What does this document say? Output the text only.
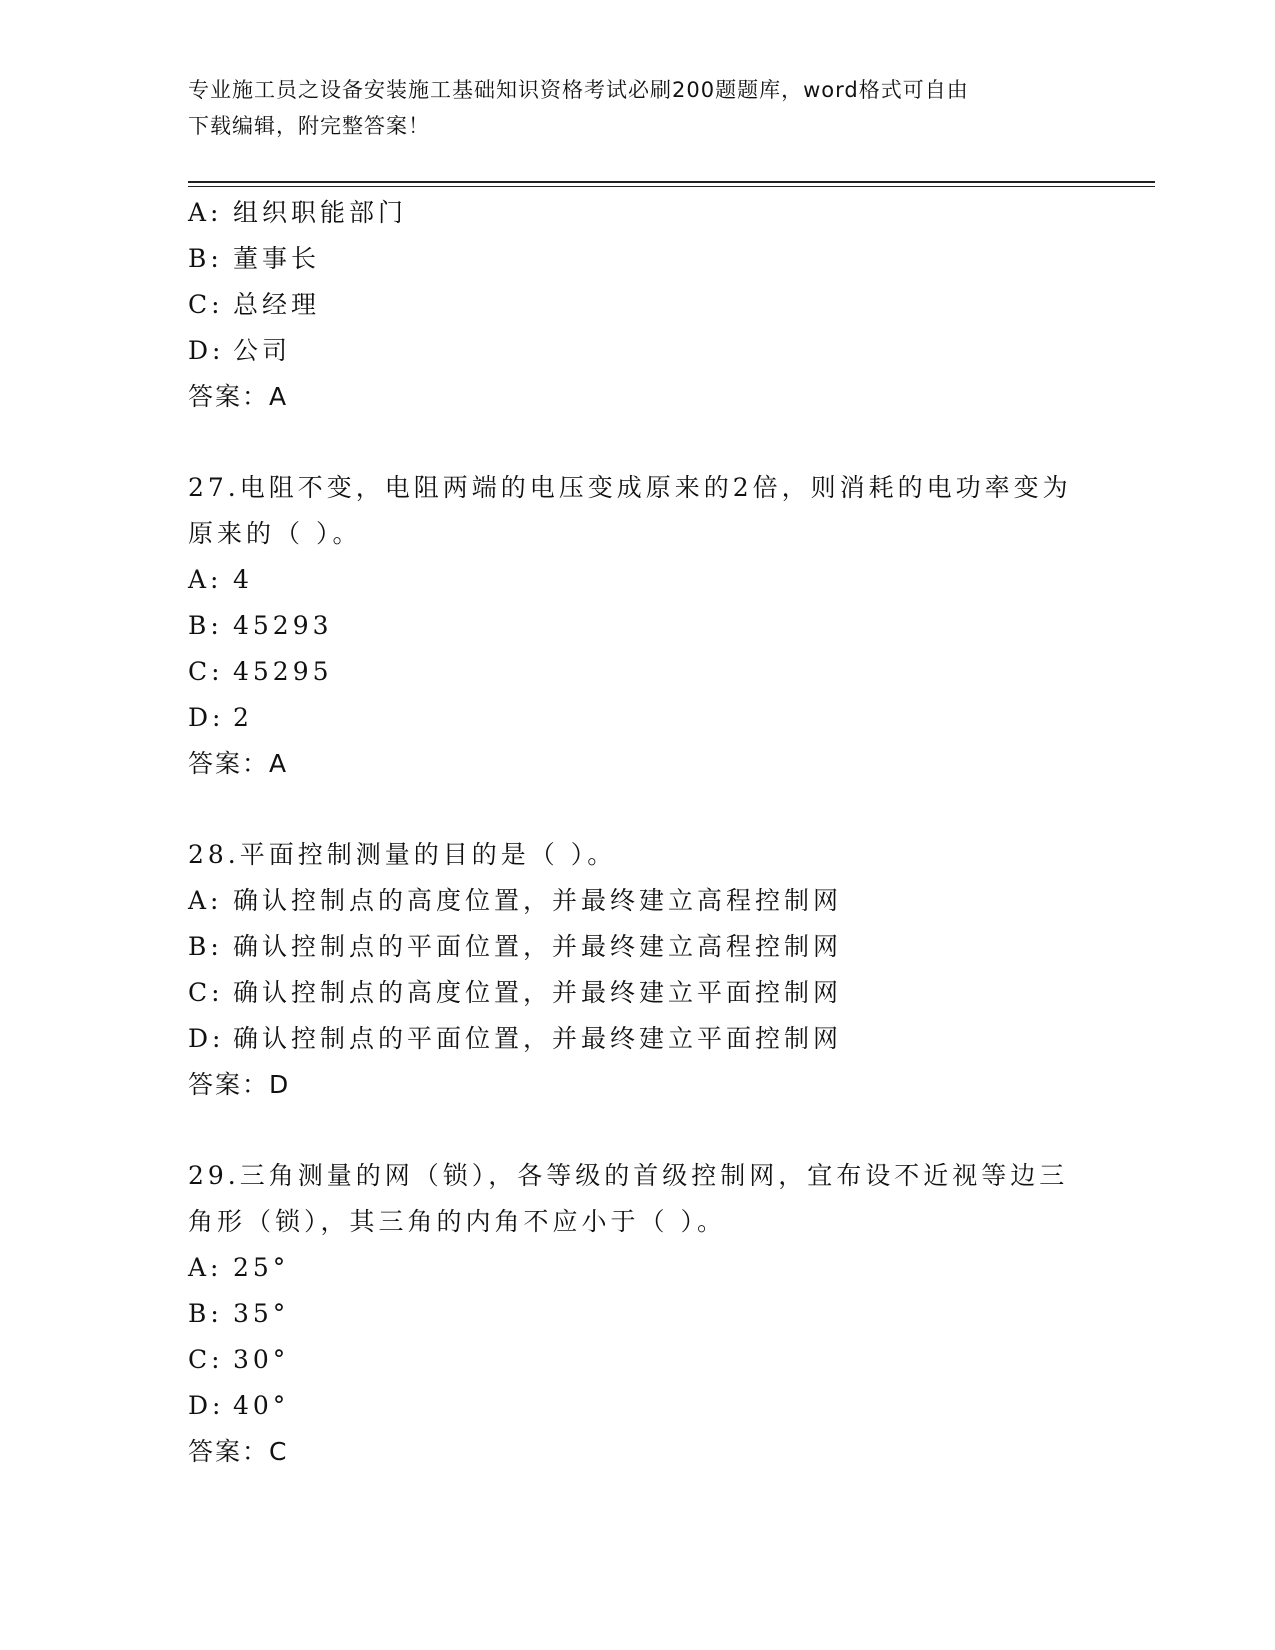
专业施工员之设备安装施工基础知识资格考试必刷200题题库，word格式可自由
下载编辑，附完整答案！
A: 组织职能部门
B: 董事长
C: 总经理
D: 公司
答案：A
27.电阻不变，电阻两端的电压变成原来的2倍，则消耗的电功率变为
原来的（ ）。
A: 4
B: 45293
C: 45295
D: 2
答案：A
28.平面控制测量的目的是（ ）。
A: 确认控制点的高度位置，并最终建立高程控制网
B: 确认控制点的平面位置，并最终建立高程控制网
C: 确认控制点的高度位置，并最终建立平面控制网
D: 确认控制点的平面位置，并最终建立平面控制网
答案：D
29.三角测量的网（锁），各等级的首级控制网，宜布设不近视等边三
角形（锁），其三角的内角不应小于（ ）。
A: 25°
B: 35°
C: 30°
D: 40°
答案：C
